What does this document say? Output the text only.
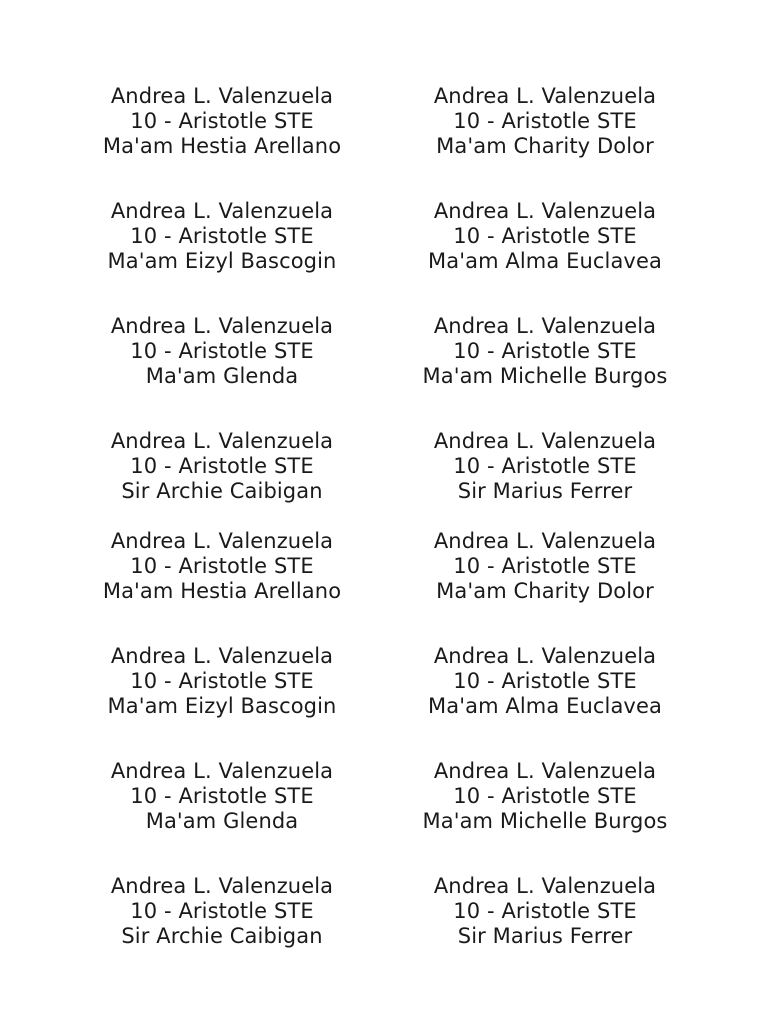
Andrea L. Valenzuela
10 - Aristotle STE
Ma'am Hestia Arellano
Andrea L. Valenzuela
10 - Aristotle STE
Ma'am Charity Dolor
Andrea L. Valenzuela
10 - Aristotle STE
Ma'am Eizyl Bascogin
Andrea L. Valenzuela
10 - Aristotle STE
Ma'am Alma Euclavea
Andrea L. Valenzuela
10 - Aristotle STE
Ma'am Glenda
Andrea L. Valenzuela
10 - Aristotle STE
Ma'am Michelle Burgos
Andrea L. Valenzuela
10 - Aristotle STE
Sir Archie Caibigan
Andrea L. Valenzuela
10 - Aristotle STE
Sir Marius Ferrer
Andrea L. Valenzuela
10 - Aristotle STE
Ma'am Hestia Arellano
Andrea L. Valenzuela
10 - Aristotle STE
Ma'am Charity Dolor
Andrea L. Valenzuela
10 - Aristotle STE
Ma'am Eizyl Bascogin
Andrea L. Valenzuela
10 - Aristotle STE
Ma'am Alma Euclavea
Andrea L. Valenzuela
10 - Aristotle STE
Ma'am Glenda
Andrea L. Valenzuela
10 - Aristotle STE
Ma'am Michelle Burgos
Andrea L. Valenzuela
10 - Aristotle STE
Sir Archie Caibigan
Andrea L. Valenzuela
10 - Aristotle STE
Sir Marius Ferrer
